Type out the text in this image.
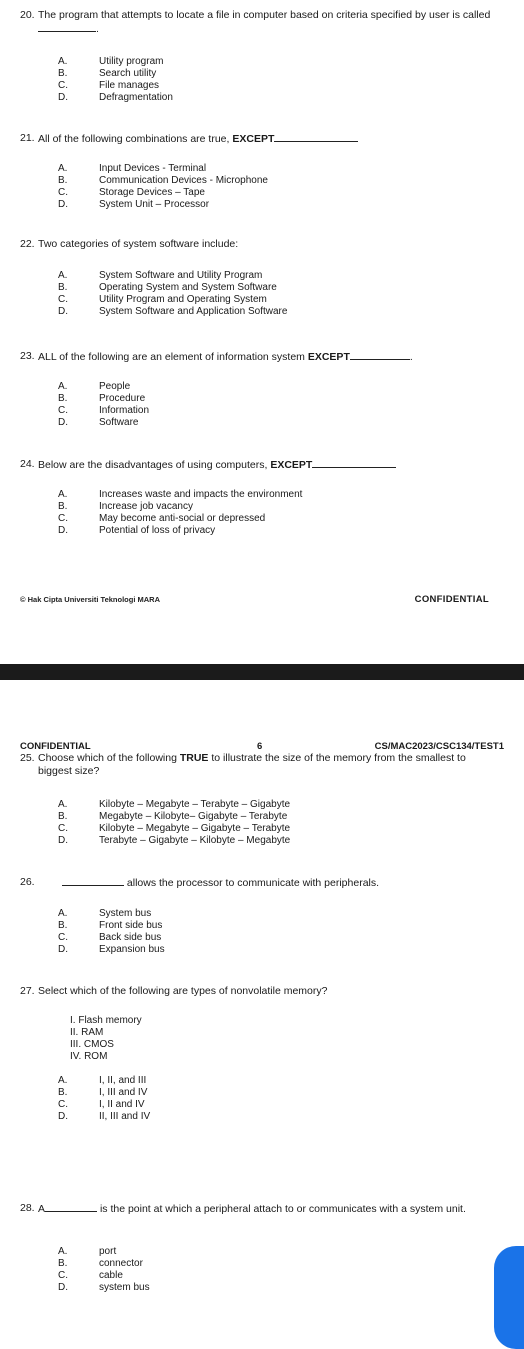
20. The program that attempts to locate a file in computer based on criteria specified by user is called.
A.	Utility program
B.	Search utility
C.	File manages
D.	Defragmentation
21. All of the following combinations are true, EXCEPT
A.	Input Devices - Terminal
B.	Communication Devices - Microphone
C.	Storage Devices – Tape
D.	System Unit – Processor
22. Two categories of system software include:
A.	System Software and Utility Program
B.	Operating System and System Software
C.	Utility Program and Operating System
D.	System Software and Application Software
23. ALL of the following are an element of information system EXCEPT	.
A.	People
B.	Procedure
C.	Information
D.	Software
24. Below are the disadvantages of using computers, EXCEPT
A.	Increases waste and impacts the environment
B.	Increase job vacancy
C.	May become anti-social or depressed
D.	Potential of loss of privacy
© Hak Cipta Universiti Teknologi MARA	CONFIDENTIAL
CONFIDENTIAL	6	CS/MAC2023/CSC134/TEST1
25. Choose which of the following TRUE to illustrate the size of the memory from the smallest to biggest size?
A.	Kilobyte – Megabyte – Terabyte – Gigabyte
B.	Megabyte – Kilobyte– Gigabyte – Terabyte
C.	Kilobyte – Megabyte – Gigabyte – Terabyte
D.	Terabyte – Gigabyte – Kilobyte – Megabyte
26.	allows the processor to communicate with peripherals.
A.	System bus
B.	Front side bus
C.	Back side bus
D.	Expansion bus
27. Select which of the following are types of nonvolatile memory?
I. Flash memory
II. RAM
III. CMOS
IV. ROM
A.	I, II, and III
B.	I, III and IV
C.	I, II and IV
D.	II, III and IV
28. A	is the point at which a peripheral attach to or communicates with a system unit.
A.	port
B.	connector
C.	cable
D.	system bus
